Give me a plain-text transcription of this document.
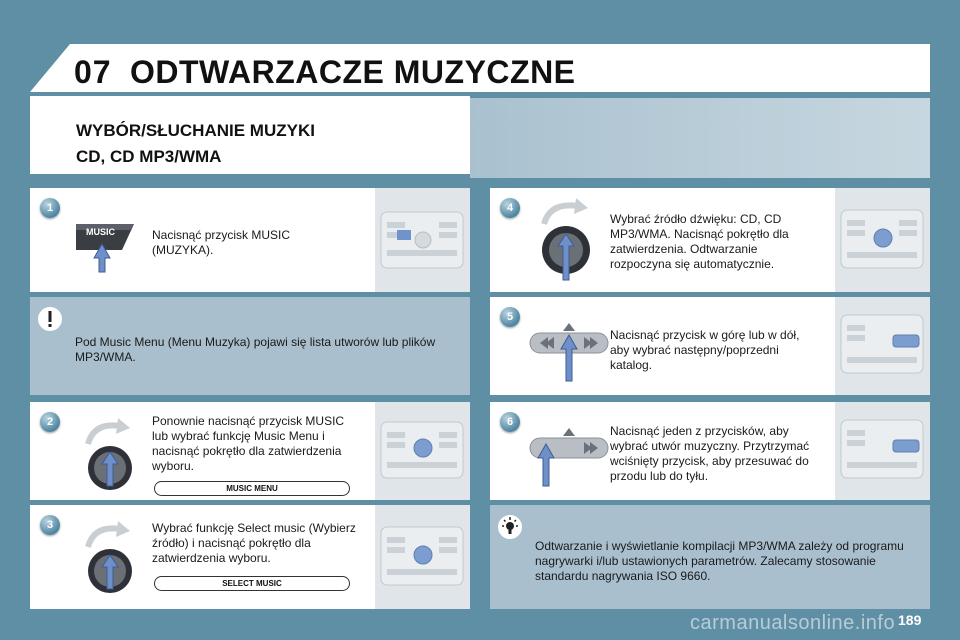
07 ODTWARZACZE MUZYCZNE
WYBÓR/SŁUCHANIE MUZYKI
CD, CD MP3/WMA
1
MUSIC	Nacisnąć przycisk MUSIC (MUZYKA).
Pod Music Menu (Menu Muzyka) pojawi się lista utworów lub plików MP3/WMA.
2	Ponownie nacisnąć przycisk MUSIC lub wybrać funkcję Music Menu i nacisnąć pokrętło dla zatwierdzenia wyboru.
MUSIC MENU
3	Wybrać funkcję Select music (Wybierz źródło) i nacisnąć pokrętło dla zatwierdzenia wyboru.
SELECT MUSIC
4
Wybrać źródło dźwięku: CD, CD MP3/WMA. Nacisnąć pokrętło dla zatwierdzenia. Odtwarzanie rozpoczyna się automatycznie.
5
Nacisnąć przycisk w górę lub w dół, aby wybrać następny/poprzedni katalog.
6
Nacisnąć jeden z przycisków, aby wybrać utwór muzyczny. Przytrzymać wciśnięty przycisk, aby przesuwać do przodu lub do tyłu.
Odtwarzanie i wyświetlanie kompilacji MP3/WMA zależy od programu nagrywarki i/lub ustawionych parametrów. Zalecamy stosowanie standardu nagrywania ISO 9660.
carmanualsonline.info 189
